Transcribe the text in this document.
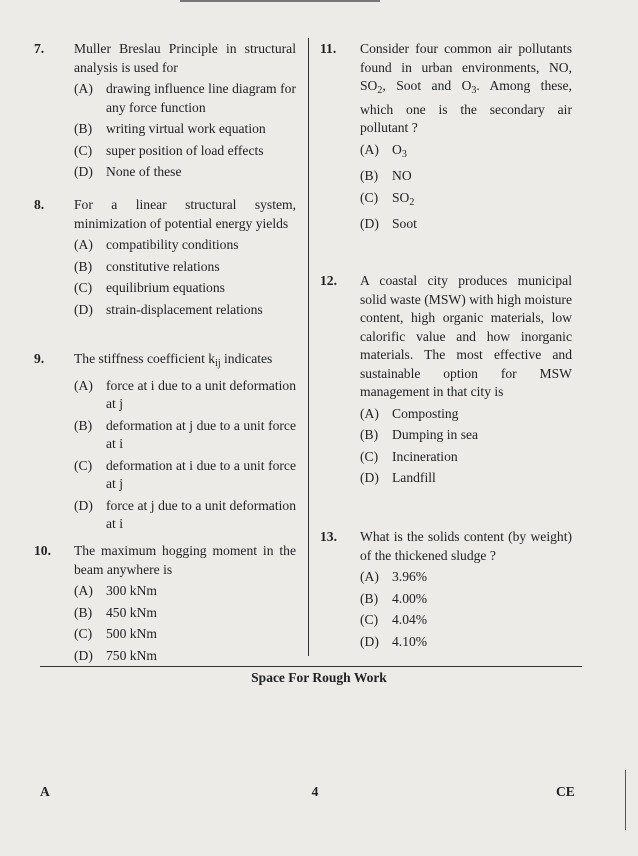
7. Muller Breslau Principle in structural analysis is used for
(A) drawing influence line diagram for any force function
(B) writing virtual work equation
(C) super position of load effects
(D) None of these
8. For a linear structural system, minimization of potential energy yields
(A) compatibility conditions
(B) constitutive relations
(C) equilibrium equations
(D) strain-displacement relations
9. The stiffness coefficient $k_{ij}$ indicates
(A) force at i due to a unit deformation at j
(B) deformation at j due to a unit force at i
(C) deformation at i due to a unit force at j
(D) force at j due to a unit deformation at i
10. The maximum hogging moment in the beam anywhere is
(A) 300 kNm
(B) 450 kNm
(C) 500 kNm
(D) 750 kNm
11. Consider four common air pollutants found in urban environments, NO, $SO_2$, Soot and $O_3$. Among these, which one is the secondary air pollutant ?
(A) $O_3$
(B) NO
(C) $SO_2$
(D) Soot
12. A coastal city produces municipal solid waste (MSW) with high moisture content, high organic materials, low calorific value and how inorganic materials. The most effective and sustainable option for MSW management in that city is
(A) Composting
(B) Dumping in sea
(C) Incineration
(D) Landfill
13. What is the solids content (by weight) of the thickened sludge ?
(A) 3.96%
(B) 4.00%
(C) 4.04%
(D) 4.10%
Space For Rough Work
A	4	CE
